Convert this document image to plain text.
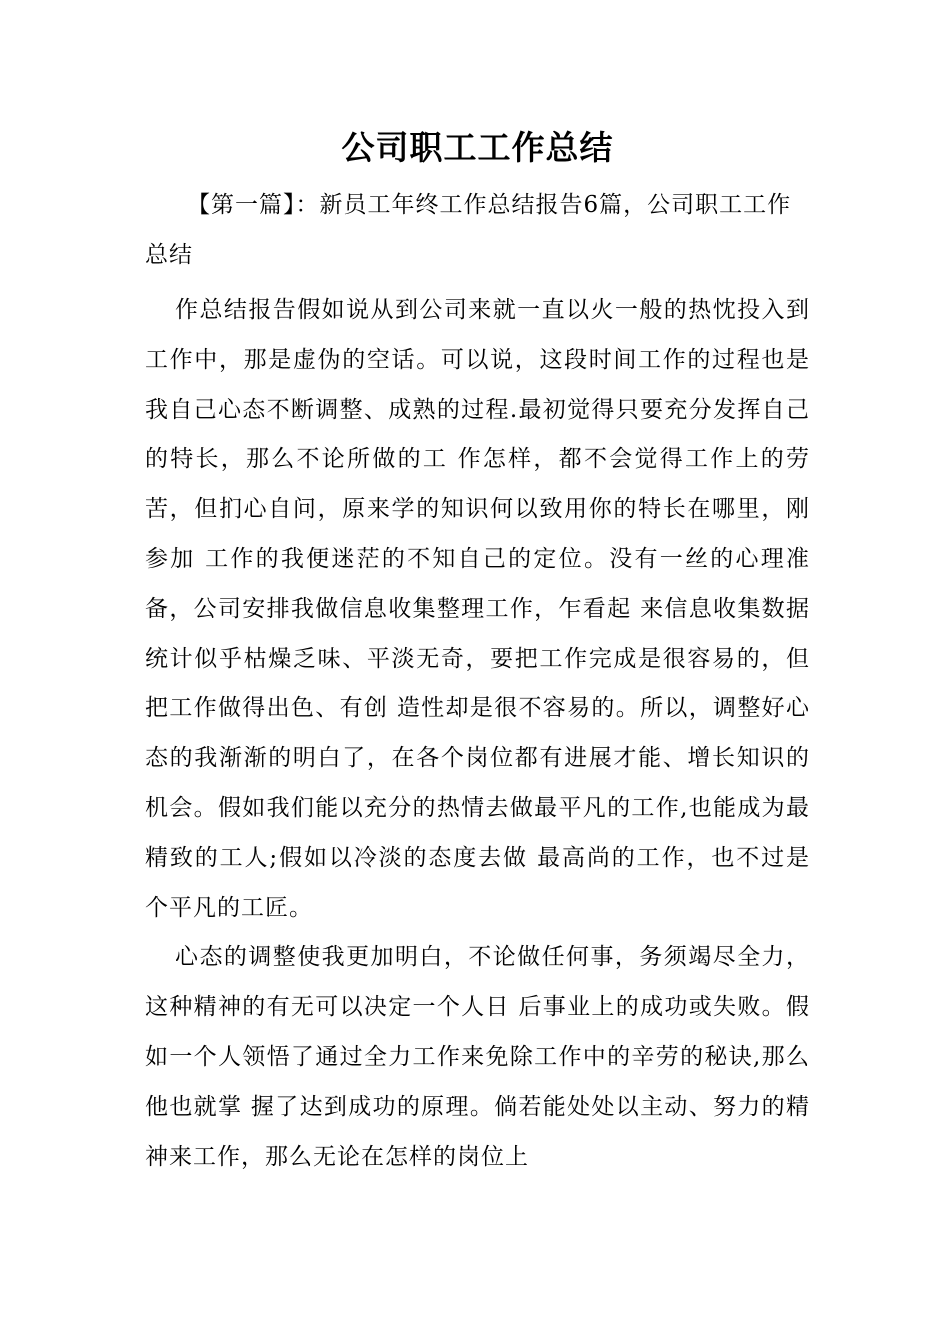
公司职工工作总结

【第一篇】：新员工年终工作总结报告6篇，公司职工工作总结

作总结报告假如说从到公司来就一直以火一般的热忱投入到工作中，那是虚伪的空话。可以说，这段时间工作的过程也是我自己心态不断调整、成熟的过程.最初觉得只要充分发挥自己的特长，那么不论所做的工 作怎样，都不会觉得工作上的劳苦，但扪心自问，原来学的知识何以致用你的特长在哪里，刚参加 工作的我便迷茫的不知自己的定位。没有一丝的心理准备，公司安排我做信息收集整理工作，乍看起 来信息收集数据统计似乎枯燥乏味、平淡无奇，要把工作完成是很容易的，但把工作做得出色、有创 造性却是很不容易的。所以，调整好心态的我渐渐的明白了，在各个岗位都有进展才能、增长知识的 机会。假如我们能以充分的热情去做最平凡的工作,也能成为最精致的工人;假如以冷淡的态度去做 最高尚的工作，也不过是个平凡的工匠。

心态的调整使我更加明白，不论做任何事，务须竭尽全力，这种精神的有无可以决定一个人日 后事业上的成功或失败。假如一个人领悟了通过全力工作来免除工作中的辛劳的秘诀,那么他也就掌 握了达到成功的原理。倘若能处处以主动、努力的精神来工作，那么无论在怎样的岗位上
